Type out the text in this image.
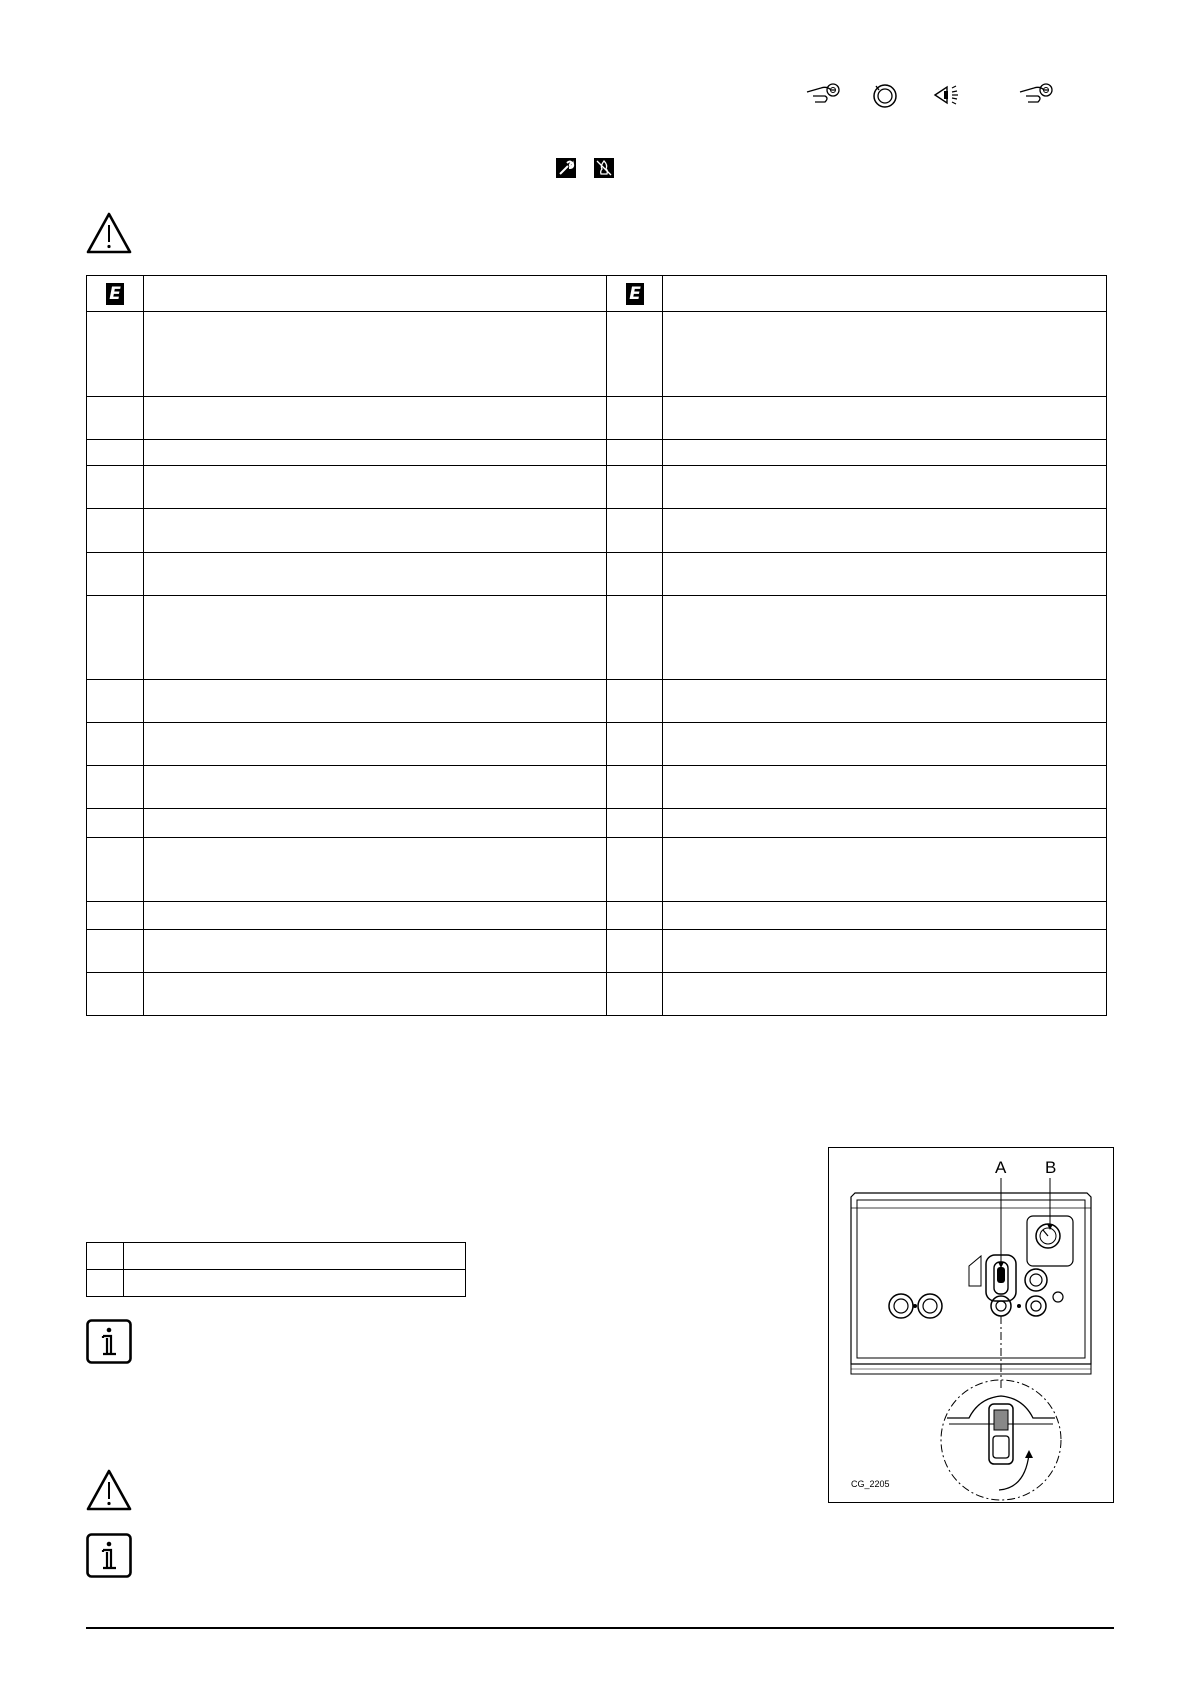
E		E	

A B
CG_2205
